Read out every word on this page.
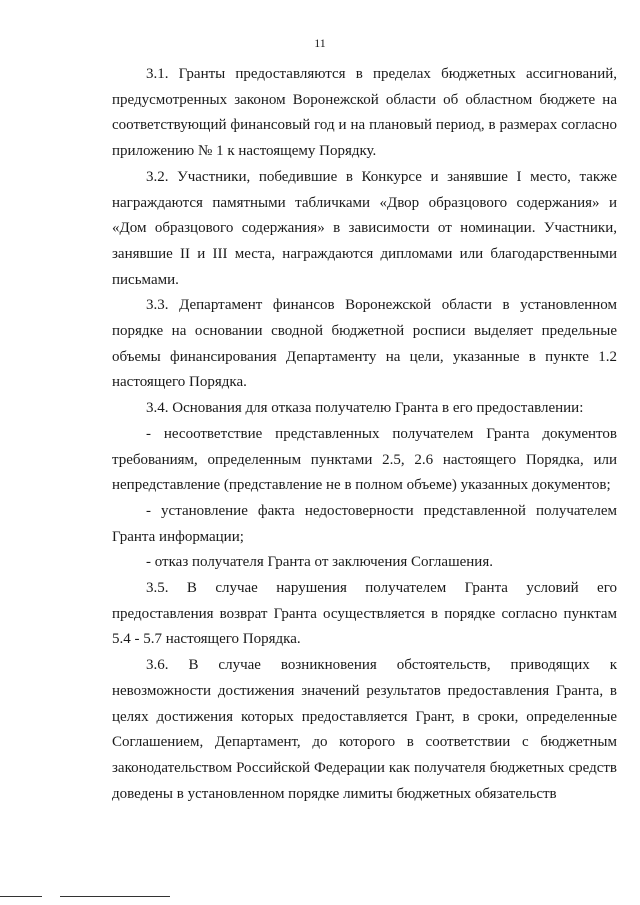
11

3.1. Гранты предоставляются в пределах бюджетных ассигнований, предусмотренных законом Воронежской области об областном бюджете на соответствующий финансовый год и на плановый период, в размерах согласно приложению № 1 к настоящему Порядку.

3.2. Участники, победившие в Конкурсе и занявшие I место, также награждаются памятными табличками «Двор образцового содержания» и «Дом образцового содержания» в зависимости от номинации. Участники, занявшие II и III места, награждаются дипломами или благодарственными письмами.

3.3. Департамент финансов Воронежской области в установленном порядке на основании сводной бюджетной росписи выделяет предельные объемы финансирования Департаменту на цели, указанные в пункте 1.2 настоящего Порядка.

3.4. Основания для отказа получателю Гранта в его предоставлении:

- несоответствие представленных получателем Гранта документов требованиям, определенным пунктами 2.5, 2.6 настоящего Порядка, или непредставление (представление не в полном объеме) указанных документов;

- установление факта недостоверности представленной получателем Гранта информации;

- отказ получателя Гранта от заключения Соглашения.

3.5. В случае нарушения получателем Гранта условий его предоставления возврат Гранта осуществляется в порядке согласно пунктам 5.4 - 5.7 настоящего Порядка.

3.6. В случае возникновения обстоятельств, приводящих к невозможности достижения значений результатов предоставления Гранта, в целях достижения которых предоставляется Грант, в сроки, определенные Соглашением, Департамент, до которого в соответствии с бюджетным законодательством Российской Федерации как получателя бюджетных средств доведены в установленном порядке лимиты бюджетных обязательств
